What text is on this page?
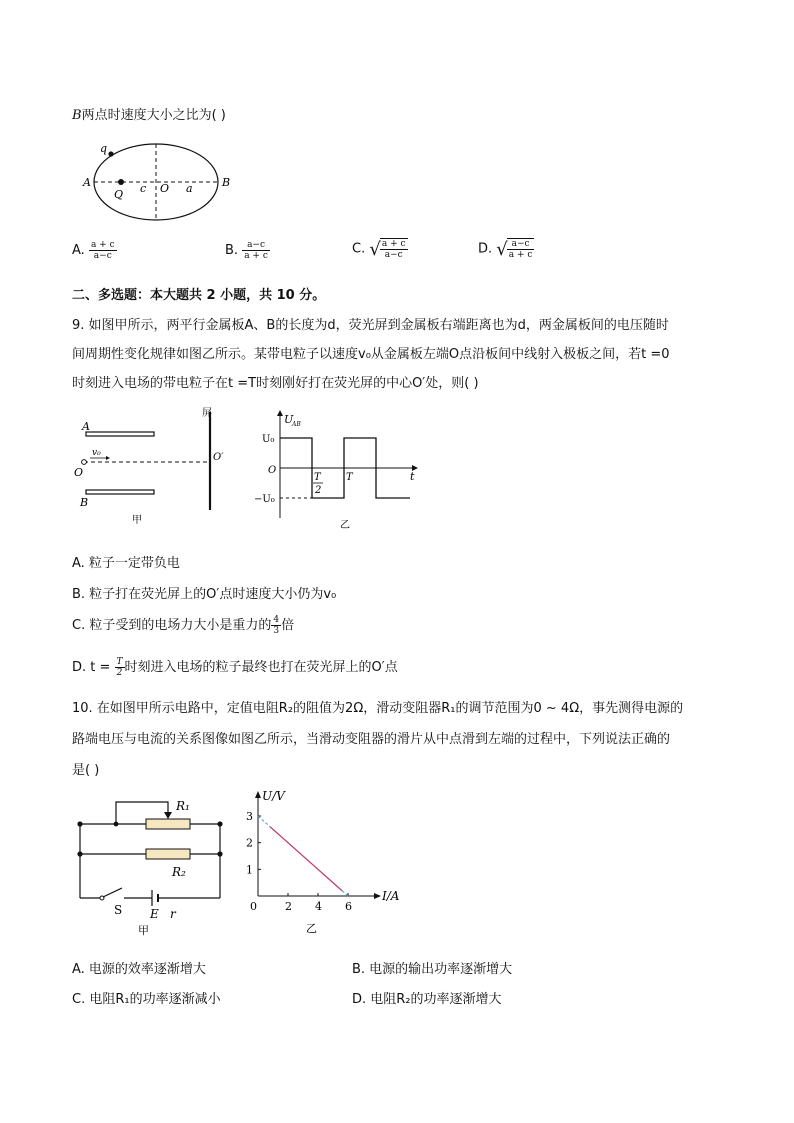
B两点时速度大小之比为( )
q
A
Q c O a	B
A. $\frac{a + c}{a-c}$	B. $\frac{a-c}{a + c}$	C. √ $\frac{a + c}{a-c}$	D. √ $\frac{a-c}{a + c}$
二、多选题：本大题共 2 小题，共 10 分。
9. 如图甲所示，两平行金属板A、B的长度为d，荧光屏到金属板右端距离也为d，两金属板间的电压随时
间周期性变化规律如图乙所示。某带电粒子以速度v₀从金属板左端O点沿板间中线射入极板之间，若t =0
时刻进入电场的带电粒子在t =T时刻刚好打在荧光屏的中心O′处，则( )
A
B
O
v₀	O′
屏
甲
U
AB
U₀
−U₀
O
T
2
T	t
乙
A. 粒子一定带负电
B. 粒子打在荧光屏上的O′点时速度大小仍为v₀
C. 粒子受到的电场力大小是重力的 $\frac{4}{3}$ 倍
D. $t = \frac{T}{2}$ 时刻进入电场的粒子最终也打在荧光屏上的O′点
10. 在如图甲所示电路中，定值电阻R₂的阻值为2Ω，滑动变阻器R₁的调节范围为0 ~ 4Ω，事先测得电源的
路端电压与电流的关系图像如图乙所示，当滑动变阻器的滑片从中点滑到左端的过程中，下列说法正确的
是( )
R₁
R₂
S E r
甲
1
2
3
0	2 4 6
U/V
I/A
乙
A. 电源的效率逐渐增大	B. 电源的输出功率逐渐增大
C. 电阻R₁的功率逐渐减小	D. 电阻R₂的功率逐渐增大
